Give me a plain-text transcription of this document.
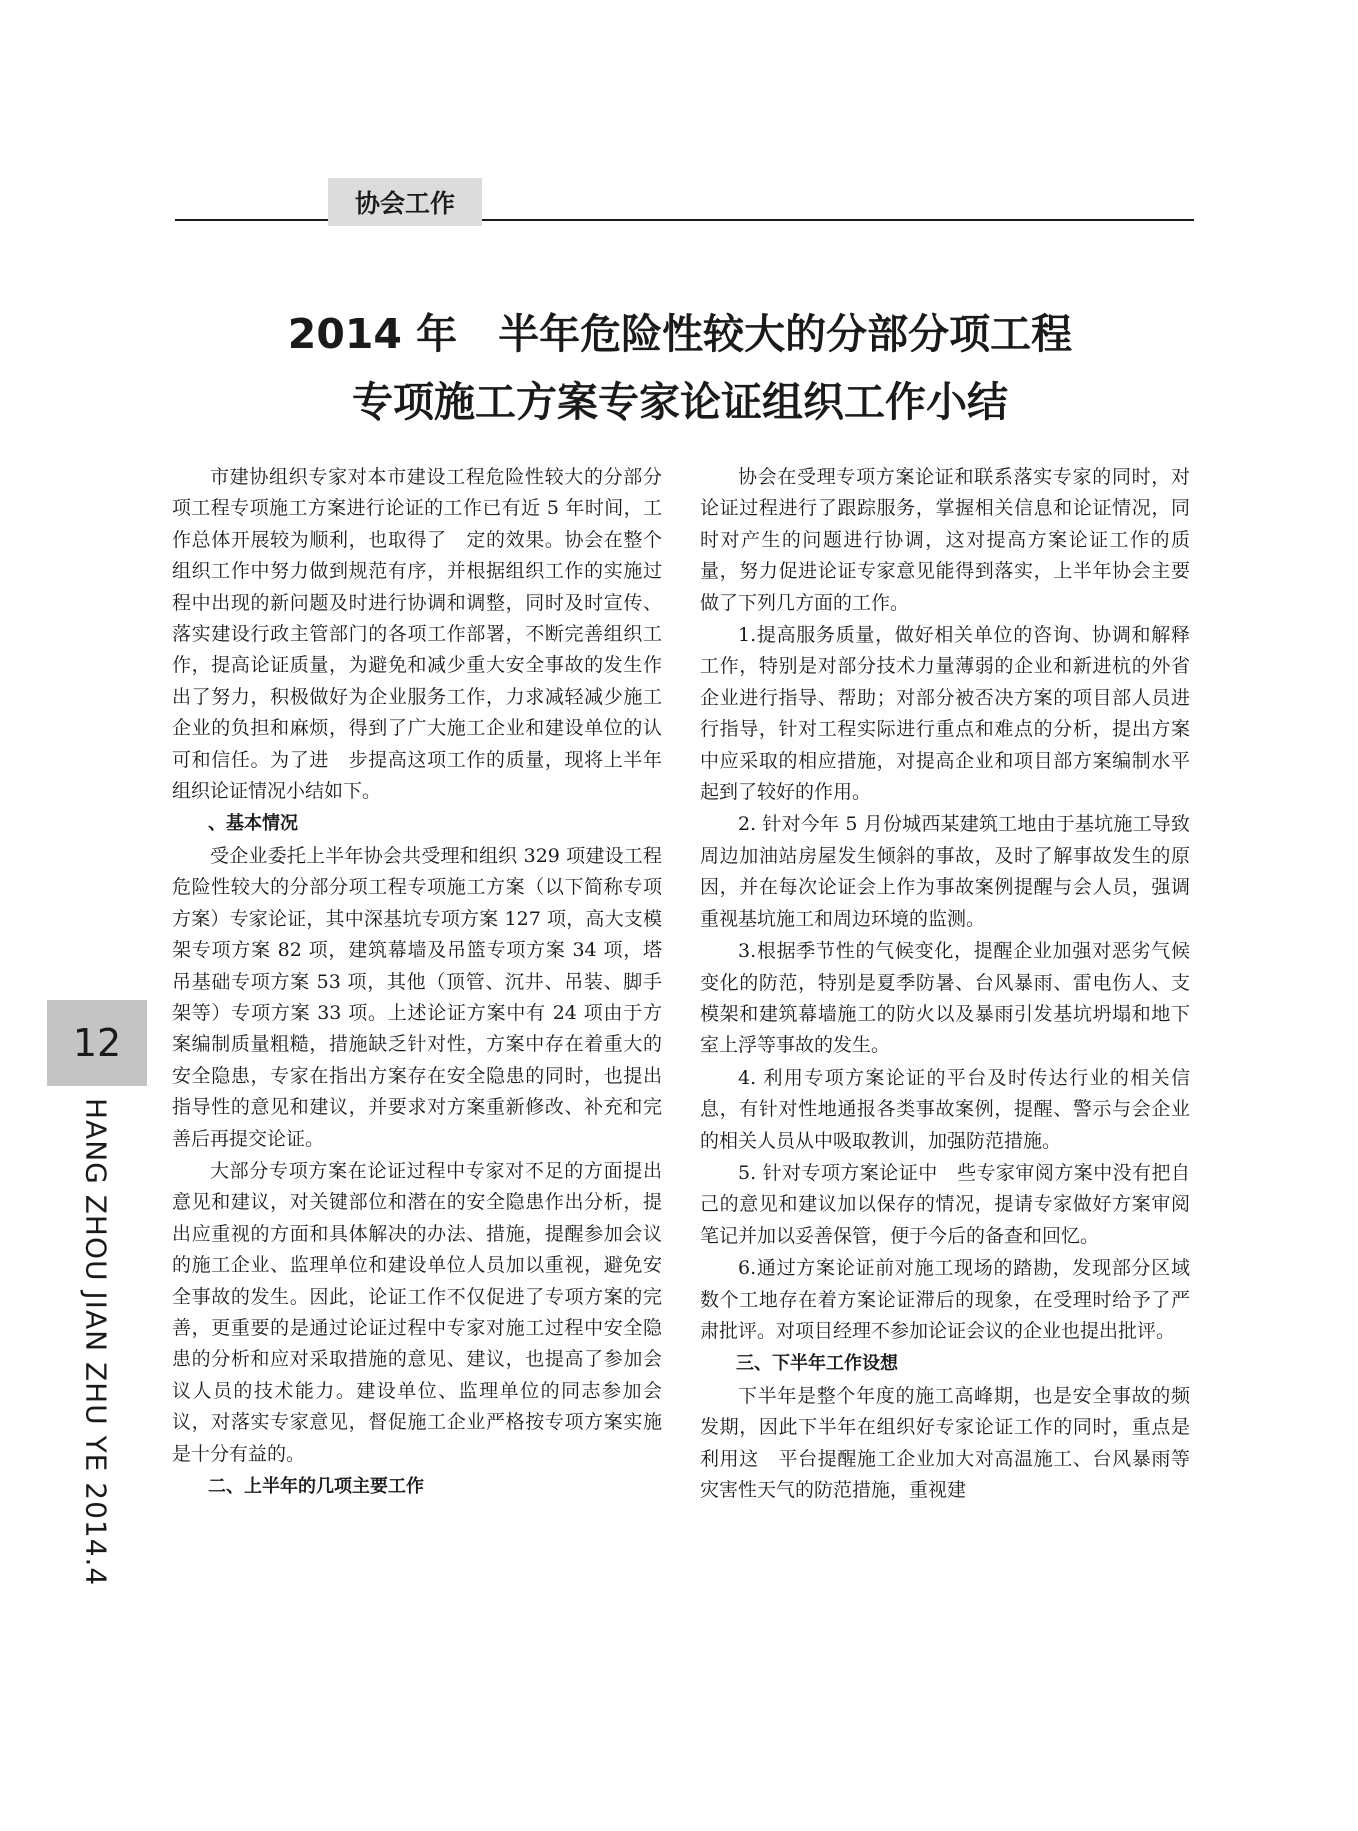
协会工作
2014 年　半年危险性较大的分部分项工程
专项施工方案专家论证组织工作小结
12
HANG ZHOU JIAN ZHU YE 2014.4

市建协组织专家对本市建设工程危险性较大的分部分项工程专项施工方案进行论证的工作已有近 5 年时间，工作总体开展较为顺利，也取得了　定的效果。协会在整个组织工作中努力做到规范有序，并根据组织工作的实施过程中出现的新问题及时进行协调和调整，同时及时宣传、落实建设行政主管部门的各项工作部署，不断完善组织工作，提高论证质量，为避免和减少重大安全事故的发生作出了努力，积极做好为企业服务工作，力求减轻减少施工企业的负担和麻烦，得到了广大施工企业和建设单位的认可和信任。为了进　步提高这项工作的质量，现将上半年组织论证情况小结如下。

、基本情况

受企业委托上半年协会共受理和组织 329 项建设工程危险性较大的分部分项工程专项施工方案（以下简称专项方案）专家论证，其中深基坑专项方案 127 项，高大支模架专项方案 82 项，建筑幕墙及吊篮专项方案 34 项，塔吊基础专项方案 53 项，其他（顶管、沉井、吊装、脚手架等）专项方案 33 项。上述论证方案中有 24 项由于方案编制质量粗糙，措施缺乏针对性，方案中存在着重大的安全隐患，专家在指出方案存在安全隐患的同时，也提出指导性的意见和建议，并要求对方案重新修改、补充和完善后再提交论证。

大部分专项方案在论证过程中专家对不足的方面提出意见和建议，对关键部位和潜在的安全隐患作出分析，提出应重视的方面和具体解决的办法、措施，提醒参加会议的施工企业、监理单位和建设单位人员加以重视，避免安全事故的发生。因此，论证工作不仅促进了专项方案的完善，更重要的是通过论证过程中专家对施工过程中安全隐患的分析和应对采取措施的意见、建议，也提高了参加会议人员的技术能力。建设单位、监理单位的同志参加会议，对落实专家意见，督促施工企业严格按专项方案实施是十分有益的。

二、上半年的几项主要工作

协会在受理专项方案论证和联系落实专家的同时，对论证过程进行了跟踪服务，掌握相关信息和论证情况，同时对产生的问题进行协调，这对提高方案论证工作的质量，努力促进论证专家意见能得到落实，上半年协会主要做了下列几方面的工作。

1.提高服务质量，做好相关单位的咨询、协调和解释工作，特别是对部分技术力量薄弱的企业和新进杭的外省企业进行指导、帮助；对部分被否决方案的项目部人员进行指导，针对工程实际进行重点和难点的分析，提出方案中应采取的相应措施，对提高企业和项目部方案编制水平起到了较好的作用。

2. 针对今年 5 月份城西某建筑工地由于基坑施工导致周边加油站房屋发生倾斜的事故，及时了解事故发生的原因，并在每次论证会上作为事故案例提醒与会人员，强调重视基坑施工和周边环境的监测。

3.根据季节性的气候变化，提醒企业加强对恶劣气候变化的防范，特别是夏季防暑、台风暴雨、雷电伤人、支模架和建筑幕墙施工的防火以及暴雨引发基坑坍塌和地下室上浮等事故的发生。

4. 利用专项方案论证的平台及时传达行业的相关信息，有针对性地通报各类事故案例，提醒、警示与会企业的相关人员从中吸取教训，加强防范措施。

5. 针对专项方案论证中　些专家审阅方案中没有把自己的意见和建议加以保存的情况，提请专家做好方案审阅笔记并加以妥善保管，便于今后的备查和回忆。

6.通过方案论证前对施工现场的踏勘，发现部分区域数个工地存在着方案论证滞后的现象，在受理时给予了严肃批评。对项目经理不参加论证会议的企业也提出批评。

三、下半年工作设想

下半年是整个年度的施工高峰期，也是安全事故的频发期，因此下半年在组织好专家论证工作的同时，重点是利用这　平台提醒施工企业加大对高温施工、台风暴雨等灾害性天气的防范措施，重视建
